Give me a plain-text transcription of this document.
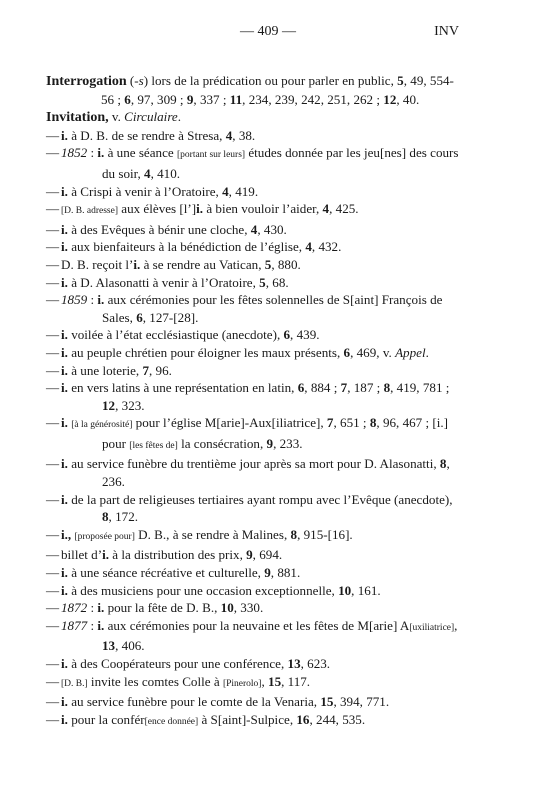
— 409 —	INV
Interrogation (-s) lors de la prédication ou pour parler en public, 5, 49, 554-56 ; 6, 97, 309 ; 9, 337 ; 11, 234, 239, 242, 251, 262 ; 12, 40.
Invitation, v. Circulaire.
— i. à D. B. de se rendre à Stresa, 4, 38.
— 1852 : i. à une séance [portant sur leurs] études donnée par les jeu[nes] des cours du soir, 4, 410.
— i. à Crispi à venir à l’Oratoire, 4, 419.
— [D. B. adresse] aux élèves [l’]i. à bien vouloir l’aider, 4, 425.
— i. à des Evêques à bénir une cloche, 4, 430.
— i. aux bienfaiteurs à la bénédiction de l’église, 4, 432.
— D. B. reçoit l’i. à se rendre au Vatican, 5, 880.
— i. à D. Alasonatti à venir à l’Oratoire, 5, 68.
— 1859 : i. aux cérémonies pour les fêtes solennelles de S[aint] François de Sales, 6, 127-[28].
— i. voilée à l’état ecclésiastique (anecdote), 6, 439.
— i. au peuple chrétien pour éloigner les maux présents, 6, 469, v. Appel.
— i. à une loterie, 7, 96.
— i. en vers latins à une représentation en latin, 6, 884 ; 7, 187 ; 8, 419, 781 ; 12, 323.
— i. [à la générosité] pour l’église M[arie]-Aux[iliatrice], 7, 651 ; 8, 96, 467 ; [i.] pour [les fêtes de] la consécration, 9, 233.
— i. au service funèbre du trentième jour après sa mort pour D. Alasonatti, 8, 236.
— i. de la part de religieuses tertiaires ayant rompu avec l’Evêque (anecdote), 8, 172.
— i., [proposée pour] D. B., à se rendre à Malines, 8, 915-[16].
— billet d’i. à la distribution des prix, 9, 694.
— i. à une séance récréative et culturelle, 9, 881.
— i. à des musiciens pour une occasion exceptionnelle, 10, 161.
— 1872 : i. pour la fête de D. B., 10, 330.
— 1877 : i. aux cérémonies pour la neuvaine et les fêtes de M[arie] A[uxiliatrice], 13, 406.
— i. à des Coopérateurs pour une conférence, 13, 623.
— [D. B.] invite les comtes Colle à [Pinerolo], 15, 117.
— i. au service funèbre pour le comte de la Venaria, 15, 394, 771.
— i. pour la confér[ence donnée] à S[aint]-Sulpice, 16, 244, 535.
